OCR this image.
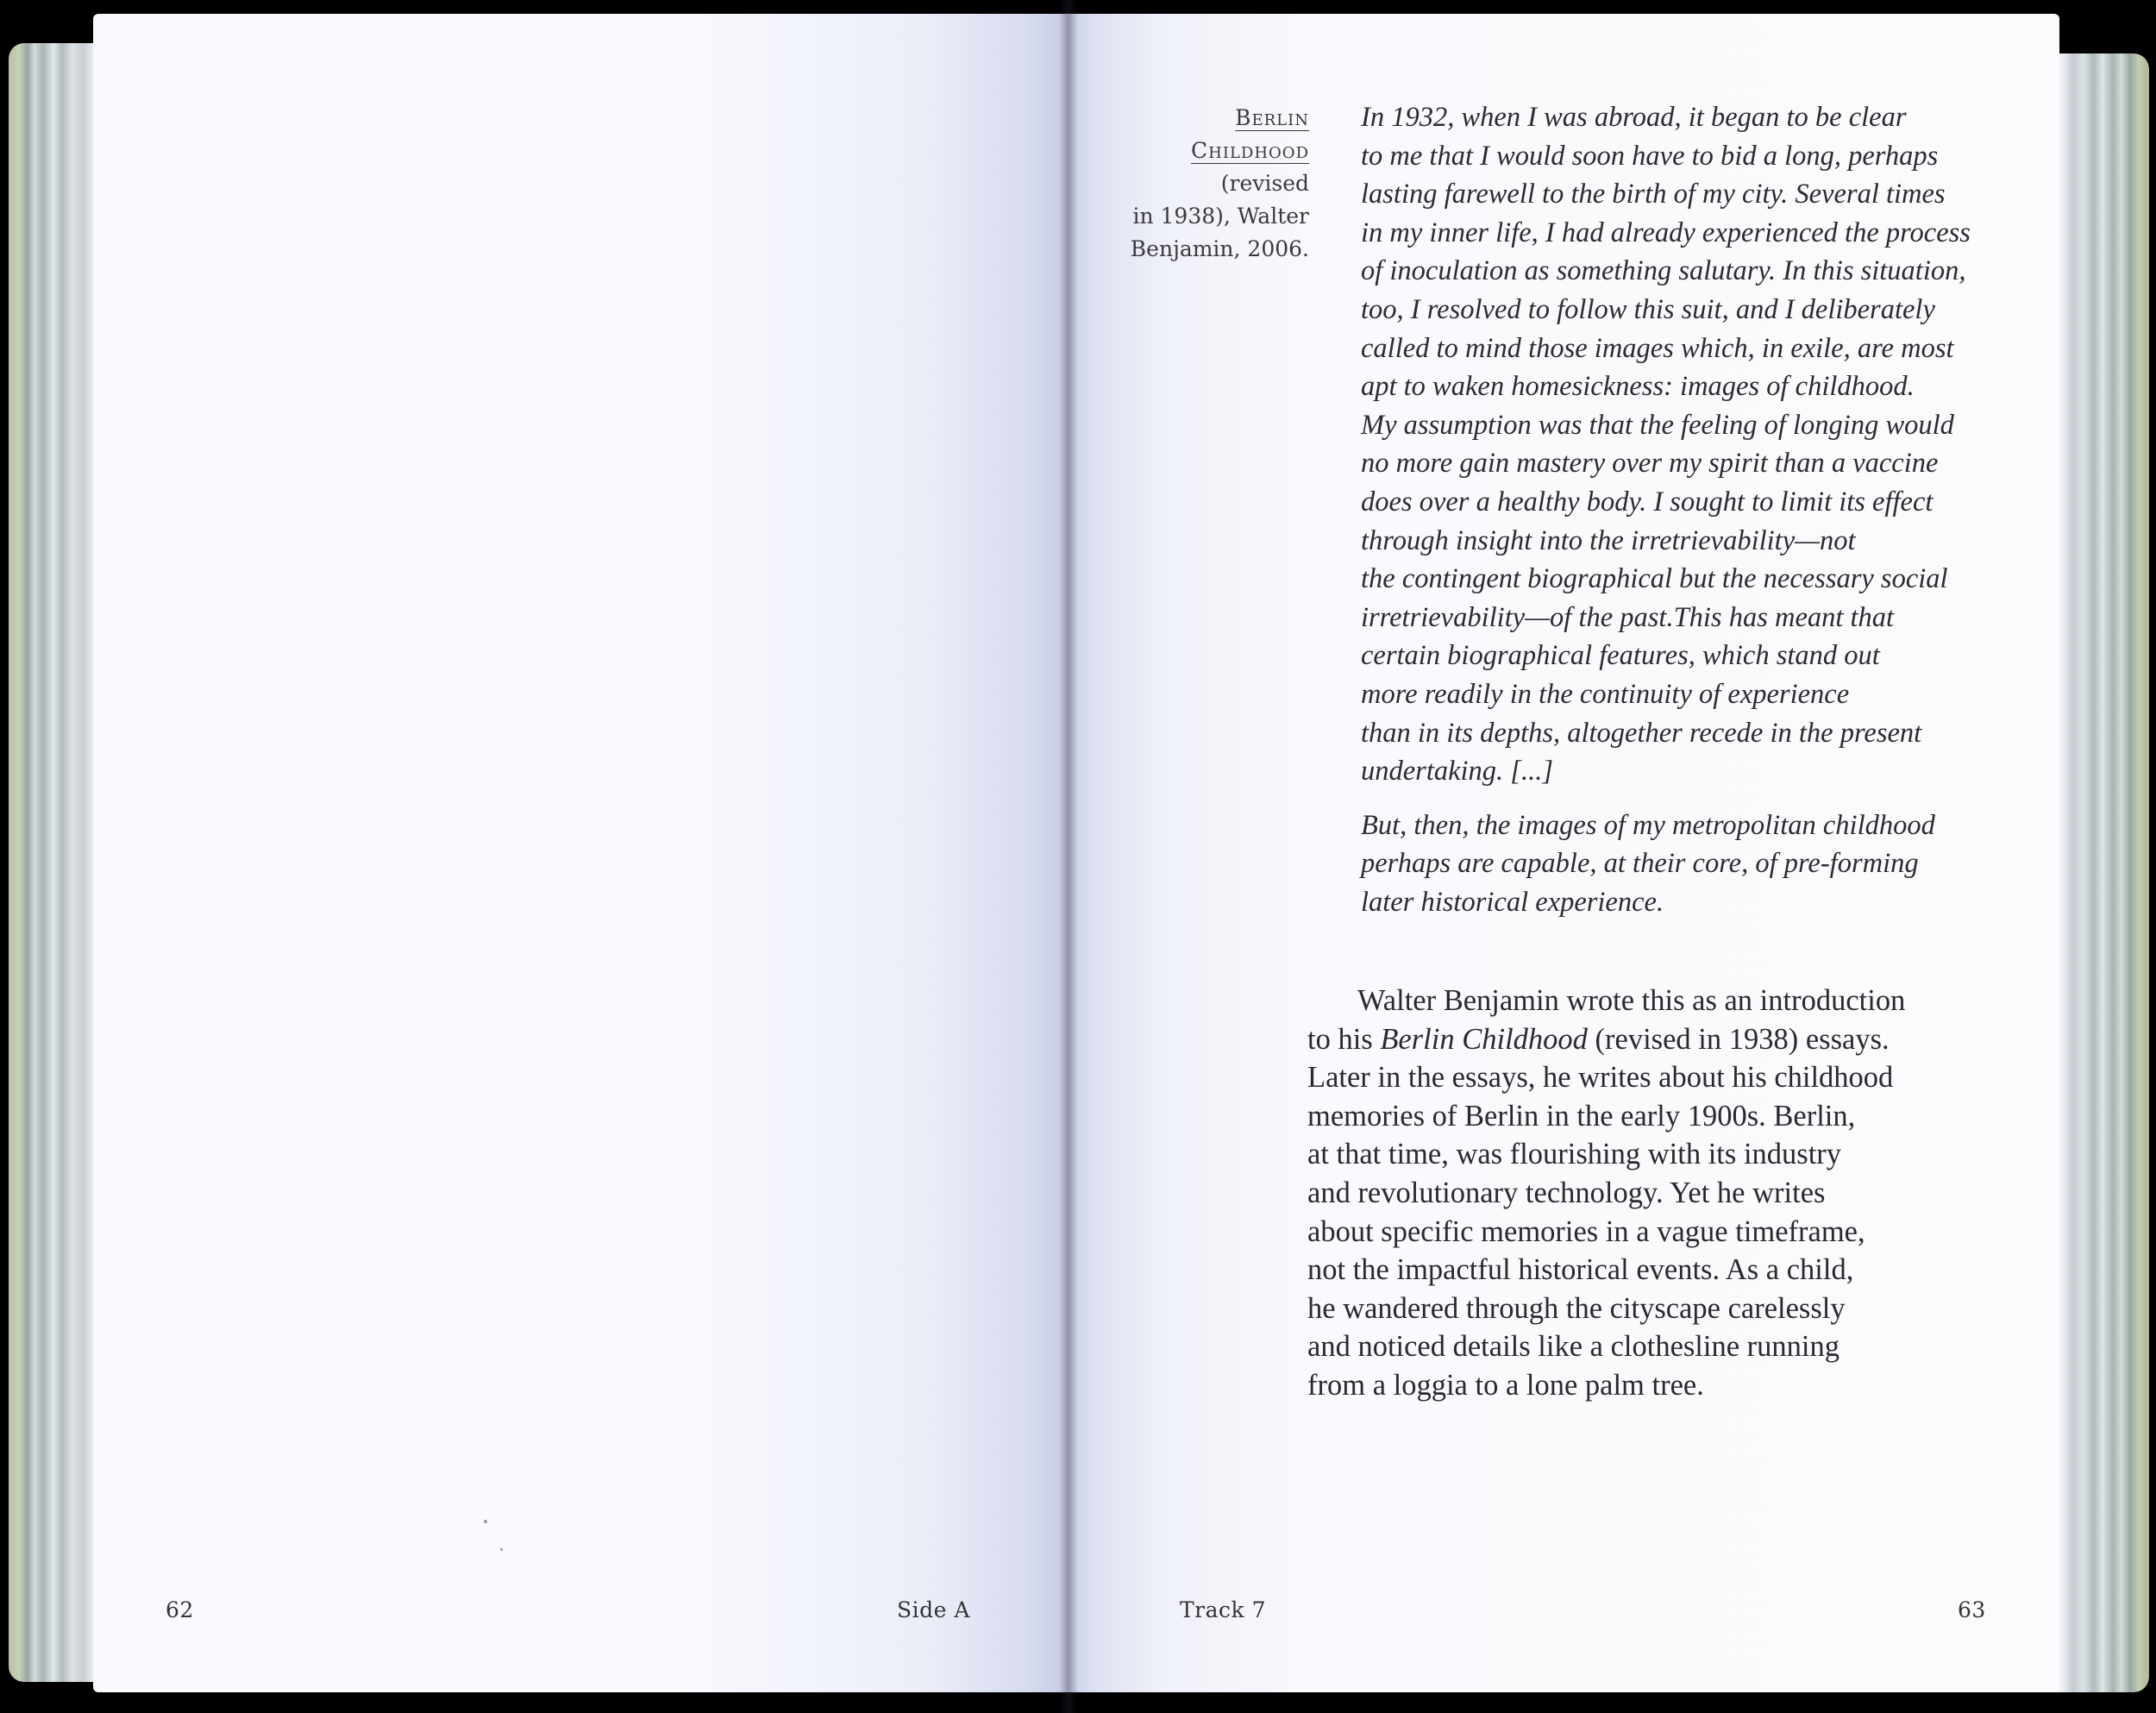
62	Side A
Berlin
Childhood
(revised
in 1938), Walter
Benjamin, 2006.
In 1932, when I was abroad, it began to be clear
to me that I would soon have to bid a long, perhaps
lasting farewell to the birth of my city. Several times
in my inner life, I had already experienced the process
of inoculation as something salutary. In this situation,
too, I resolved to follow this suit, and I deliberately
called to mind those images which, in exile, are most
apt to waken homesickness: images of childhood.
My assumption was that the feeling of longing would
no more gain mastery over my spirit than a vaccine
does over a healthy body. I sought to limit its effect
through insight into the irretrievability—not
the contingent biographical but the necessary social
irretrievability—of the past.This has meant that
certain biographical features, which stand out
more readily in the continuity of experience
than in its depths, altogether recede in the present
undertaking. [...]
But, then, the images of my metropolitan childhood
perhaps are capable, at their core, of pre-forming
later historical experience.
Walter Benjamin wrote this as an introduction
to his Berlin Childhood (revised in 1938) essays.
Later in the essays, he writes about his childhood
memories of Berlin in the early 1900s. Berlin,
at that time, was flourishing with its industry
and revolutionary technology. Yet he writes
about specific memories in a vague timeframe,
not the impactful historical events. As a child,
he wandered through the cityscape carelessly
and noticed details like a clothesline running
from a loggia to a lone palm tree.
Track 7	63
